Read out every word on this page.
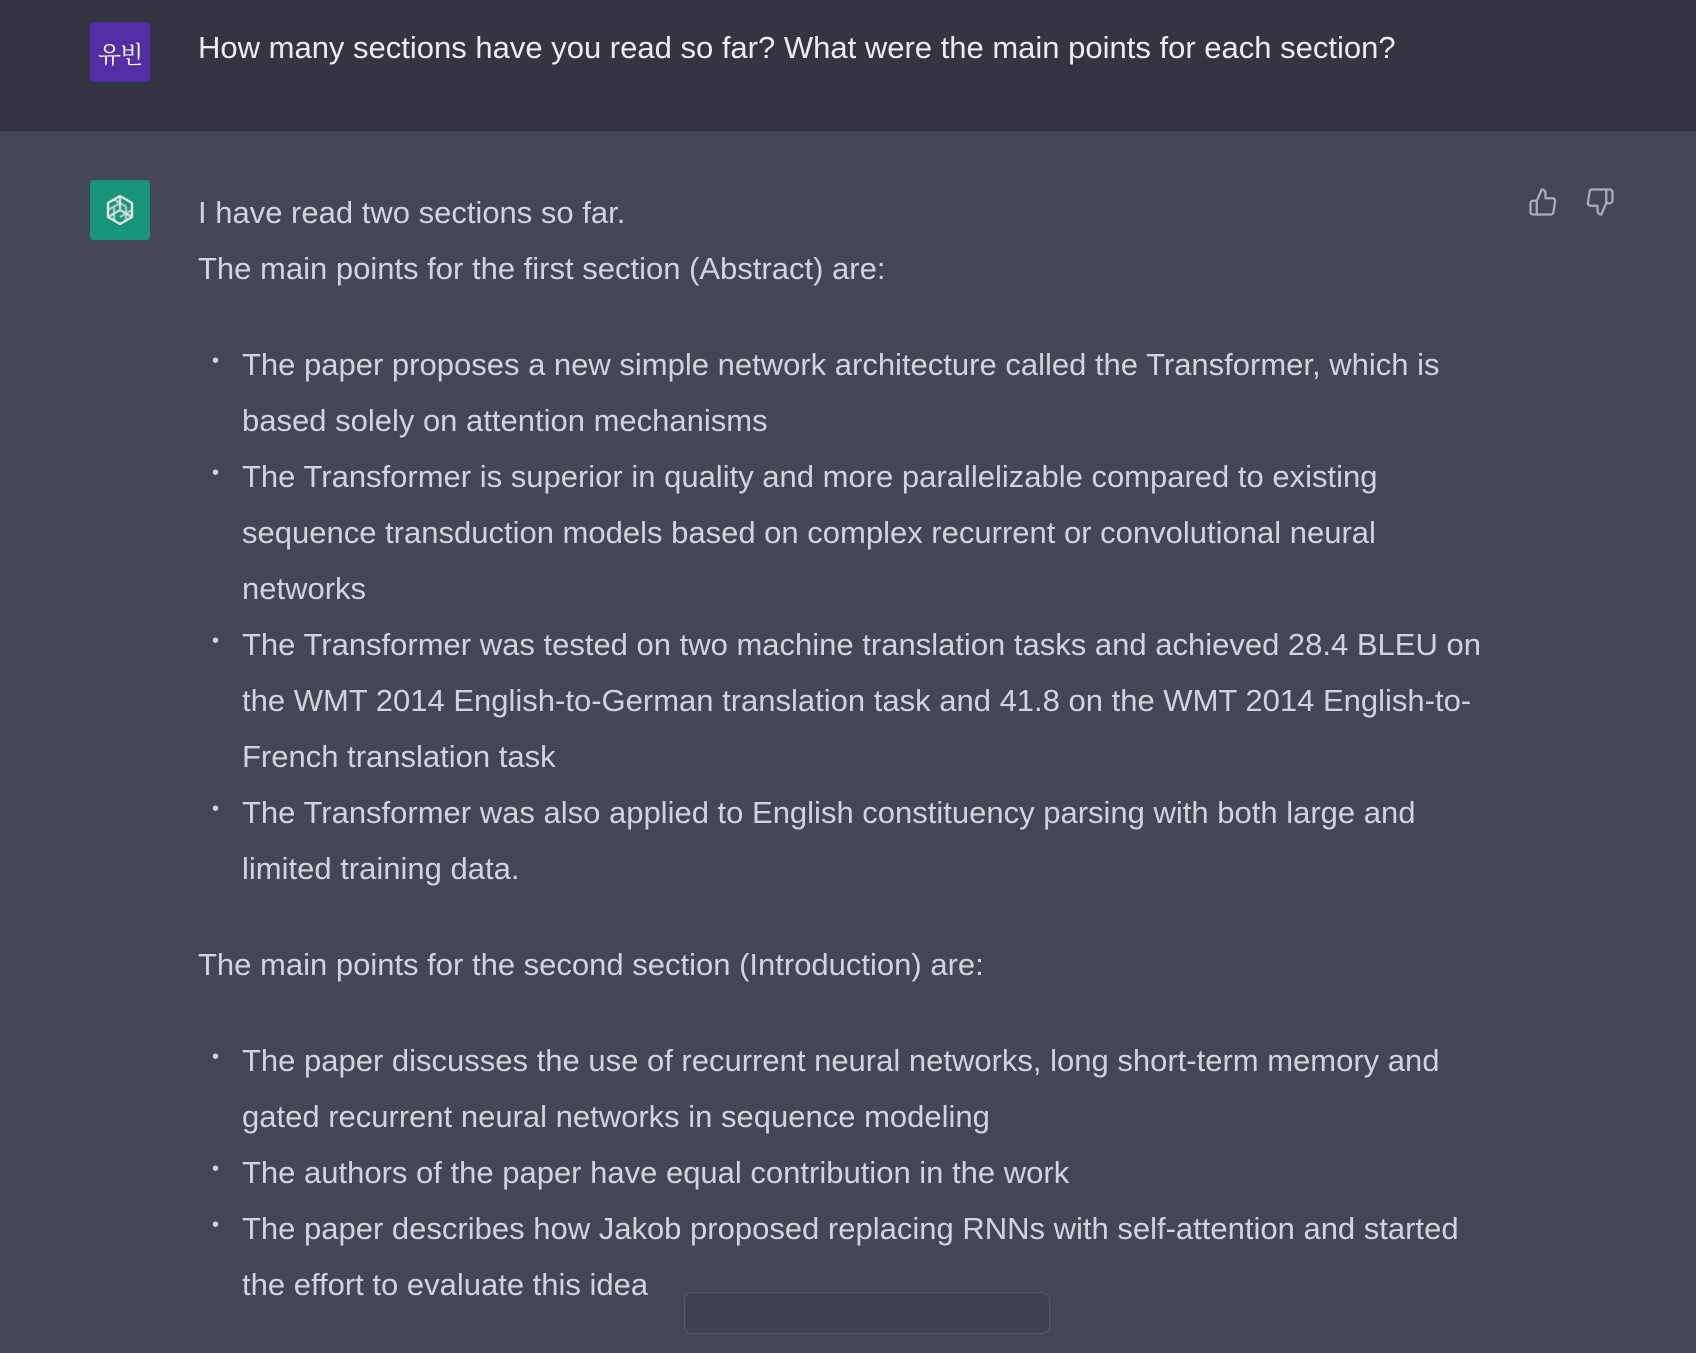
유빈 How many sections have you read so far? What were the main points for each section?

I have read two sections so far.

The main points for the first section (Abstract) are:

• The paper proposes a new simple network architecture called the Transformer, which is based solely on attention mechanisms
• The Transformer is superior in quality and more parallelizable compared to existing sequence transduction models based on complex recurrent or convolutional neural networks
• The Transformer was tested on two machine translation tasks and achieved 28.4 BLEU on the WMT 2014 English-to-German translation task and 41.8 on the WMT 2014 English-to-French translation task
• The Transformer was also applied to English constituency parsing with both large and limited training data.

The main points for the second section (Introduction) are:

• The paper discusses the use of recurrent neural networks, long short-term memory and gated recurrent neural networks in sequence modeling
• The authors of the paper have equal contribution in the work
• The paper describes how Jakob proposed replacing RNNs with self-attention and started the effort to evaluate this idea
